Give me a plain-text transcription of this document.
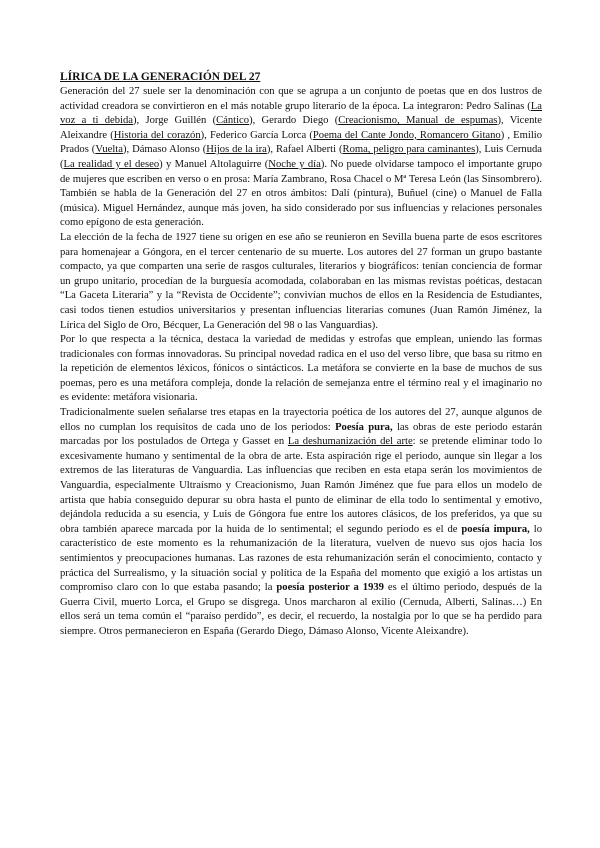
LÍRICA DE LA GENERACIÓN DEL 27

Generación del 27 suele ser la denominación con que se agrupa a un conjunto de poetas que en dos lustros de actividad creadora se convirtieron en el más notable grupo literario de la época. La integraron: Pedro Salinas (La voz a ti debida), Jorge Guillén (Cántico), Gerardo Diego (Creacionismo, Manual de espumas), Vicente Aleixandre (Historia del corazón), Federico García Lorca (Poema del Cante Jondo, Romancero Gitano) , Emilio Prados (Vuelta), Dámaso Alonso (Hijos de la ira), Rafael Alberti (Roma, peligro para caminantes), Luis Cernuda (La realidad y el deseo) y Manuel Altolaguirre (Noche y día). No puede olvidarse tampoco el importante grupo de mujeres que escriben en verso o en prosa: María Zambrano, Rosa Chacel o Mª Teresa León (las Sinsombrero). También se habla de la Generación del 27 en otros ámbitos: Dalí (pintura), Buñuel (cine) o Manuel de Falla (música). Miguel Hernández, aunque más joven, ha sido considerado por sus influencias y relaciones personales como epígono de esta generación.

La elección de la fecha de 1927 tiene su origen en ese año se reunieron en Sevilla buena parte de esos escritores para homenajear a Góngora, en el tercer centenario de su muerte. Los autores del 27 forman un grupo bastante compacto, ya que comparten una serie de rasgos culturales, literarios y biográficos: tenían conciencia de formar un grupo unitario, procedían de la burguesía acomodada, colaboraban en las mismas revistas poéticas, destacan “La Gaceta Literaria” y la “Revista de Occidente”; convivían muchos de ellos en la Residencia de Estudiantes, casi todos tienen estudios universitarios y presentan influencias literarias comunes (Juan Ramón Jiménez, la Lírica del Siglo de Oro, Bécquer, La Generación del 98 o las Vanguardias).

Por lo que respecta a la técnica, destaca la variedad de medidas y estrofas que emplean, uniendo las formas tradicionales con formas innovadoras. Su principal novedad radica en el uso del verso libre, que basa su ritmo en la repetición de elementos léxicos, fónicos o sintácticos. La metáfora se convierte en la base de muchos de sus poemas, pero es una metáfora compleja, donde la relación de semejanza entre el término real y el imaginario no es evidente: metáfora visionaria.

Tradicionalmente suelen señalarse tres etapas en la trayectoria poética de los autores del 27, aunque algunos de ellos no cumplan los requisitos de cada uno de los periodos: Poesía pura, las obras de este periodo estarán marcadas por los postulados de Ortega y Gasset en La deshumanización del arte: se pretende eliminar todo lo excesivamente humano y sentimental de la obra de arte. Esta aspiración rige el periodo, aunque sin llegar a los extremos de las literaturas de Vanguardia. Las influencias que reciben en esta etapa serán los movimientos de Vanguardia, especialmente Ultraísmo y Creacionismo, Juan Ramón Jiménez que fue para ellos un modelo de artista que había conseguido depurar su obra hasta el punto de eliminar de ella todo lo sentimental y emotivo, dejándola reducida a su esencia, y Luis de Góngora fue entre los autores clásicos, de los preferidos, ya que su obra también aparece marcada por la huida de lo sentimental; el segundo periodo es el de poesía impura, lo característico de este momento es la rehumanización de la literatura, vuelven de nuevo sus ojos hacia los sentimientos y preocupaciones humanas. Las razones de esta rehumanización serán el conocimiento, contacto y práctica del Surrealismo, y la situación social y política de la España del momento que exigió a los artistas un compromiso claro con lo que estaba pasando; la poesía posterior a 1939 es el último periodo, después de la Guerra Civil, muerto Lorca, el Grupo se disgrega. Unos marcharon al exilio (Cernuda, Alberti, Salinas…) En ellos será un tema común el “paraíso perdido”, es decir, el recuerdo, la nostalgia por lo que se ha perdido para siempre. Otros permanecieron en España (Gerardo Diego, Dámaso Alonso, Vicente Aleixandre).
